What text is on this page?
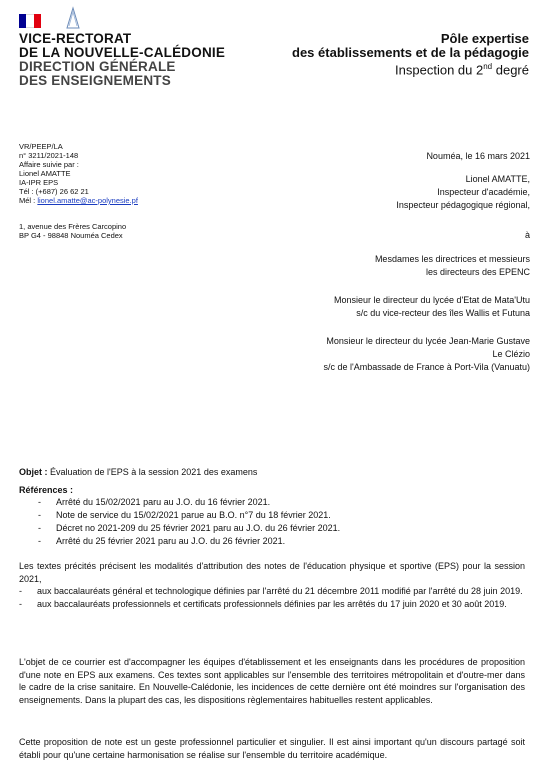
VICE-RECTORAT
DE LA NOUVELLE-CALÉDONIE
DIRECTION GÉNÉRALE
DES ENSEIGNEMENTS
Pôle expertise
des établissements et de la pédagogie
Inspection du 2nd degré
VR/PEEP/LA
n° 3211/2021-148
Affaire suivie par :
Lionel AMATTE
IA-IPR EPS
Tél : (+687) 26 62 21
Mél : lionel.amatte@ac-polynesie.pf
1, avenue des Frères Carcopino
BP G4 - 98848 Nouméa Cedex
Nouméa, le 16 mars 2021
Lionel AMATTE,
Inspecteur d'académie,
Inspecteur pédagogique régional,
à
Mesdames les directrices et messieurs
les directeurs des EPENC
Monsieur le directeur du lycée d'Etat de Mata'Utu
s/c du vice-recteur des îles Wallis et Futuna
Monsieur le directeur du lycée Jean-Marie Gustave
Le Clézio
s/c de l'Ambassade de France à Port-Vila (Vanuatu)
Objet : Évaluation de l'EPS à la session 2021 des examens
Références :
- Arrêté du 15/02/2021 paru au J.O. du 16 février 2021.
- Note de service du 15/02/2021 parue au B.O. n°7 du 18 février 2021.
- Décret no 2021-209 du 25 février 2021 paru au J.O. du 26 février 2021.
- Arrêté du 25 février 2021 paru au J.O. du 26 février 2021.
Les textes précités précisent les modalités d'attribution des notes de l'éducation physique et sportive (EPS) pour la session 2021,
- aux baccalauréats général et technologique définies par l'arrêté du 21 décembre 2011 modifié par l'arrêté du 28 juin 2019.
- aux baccalauréats professionnels et certificats professionnels définies par les arrêtés du 17 juin 2020 et 30 août 2019.
L'objet de ce courrier est d'accompagner les équipes d'établissement et les enseignants dans les procédures de proposition d'une note en EPS aux examens. Ces textes sont applicables sur l'ensemble des territoires métropolitain et d'outre-mer dans le cadre de la crise sanitaire. En Nouvelle-Calédonie, les incidences de cette dernière ont été moindres sur l'organisation des enseignements. Dans la plupart des cas, les dispositions règlementaires habituelles restent applicables.
Cette proposition de note est un geste professionnel particulier et singulier. Il est ainsi important qu'un discours partagé soit établi pour qu'une certaine harmonisation se réalise sur l'ensemble du territoire académique.
